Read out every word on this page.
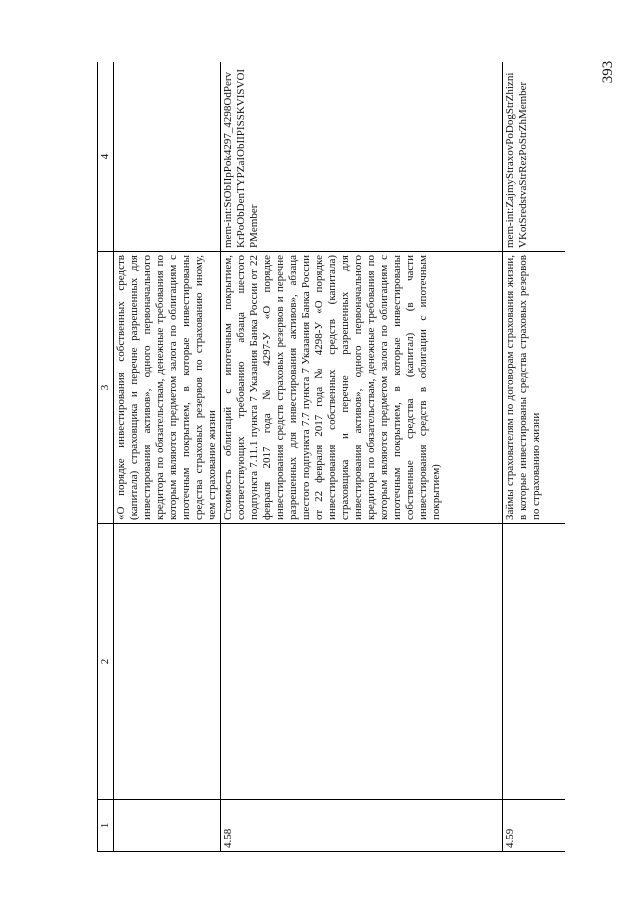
393
1	2	3	4
		«О порядке инвестирования собственных средств (капитала) страховщика и перечне разрешенных для инвестирования активов», одного первоначального кредитора по обязательствам, денежные требования по которым являются предметом залога по облигациям с ипотечным покрытием, в которые инвестированы средства страховых резервов по страхованию иному, чем страхование жизни	
4.58		Стоимость облигаций с ипотечным покрытием, соответствующих требованию абзаца шестого подпункта 7.11.1 пункта 7 Указания Банка России от 22 февраля 2017 года № 4297-У «О порядке инвестирования средств страховых резервов и перечне разрешенных для инвестирования активов», абзаца шестого подпункта 7.7 пункта 7 Указания Банка России от 22 февраля 2017 года № 4298-У «О порядке инвестирования собственных средств (капитала) страховщика и перечне разрешенных для инвестирования активов», одного первоначального кредитора по обязательствам, денежные требования по которым являются предметом залога по облигациям с ипотечным покрытием, в которые инвестированы собственные средства (капитал) (в части инвестирования средств в облигации с ипотечным покрытием)	mem-int:StObIIpPok4297_4298OdPervKrPoObDenTYPZaIObIIPISSKVISVOIPMember
4.59		Займы страхователям по договорам страхования жизни, в которые инвестированы средства страховых резервов по страхованию жизни	mem-int:ZajmyStraxovPoDogStrZhizniVKotSredstvaStrRezPoStrZhMember
